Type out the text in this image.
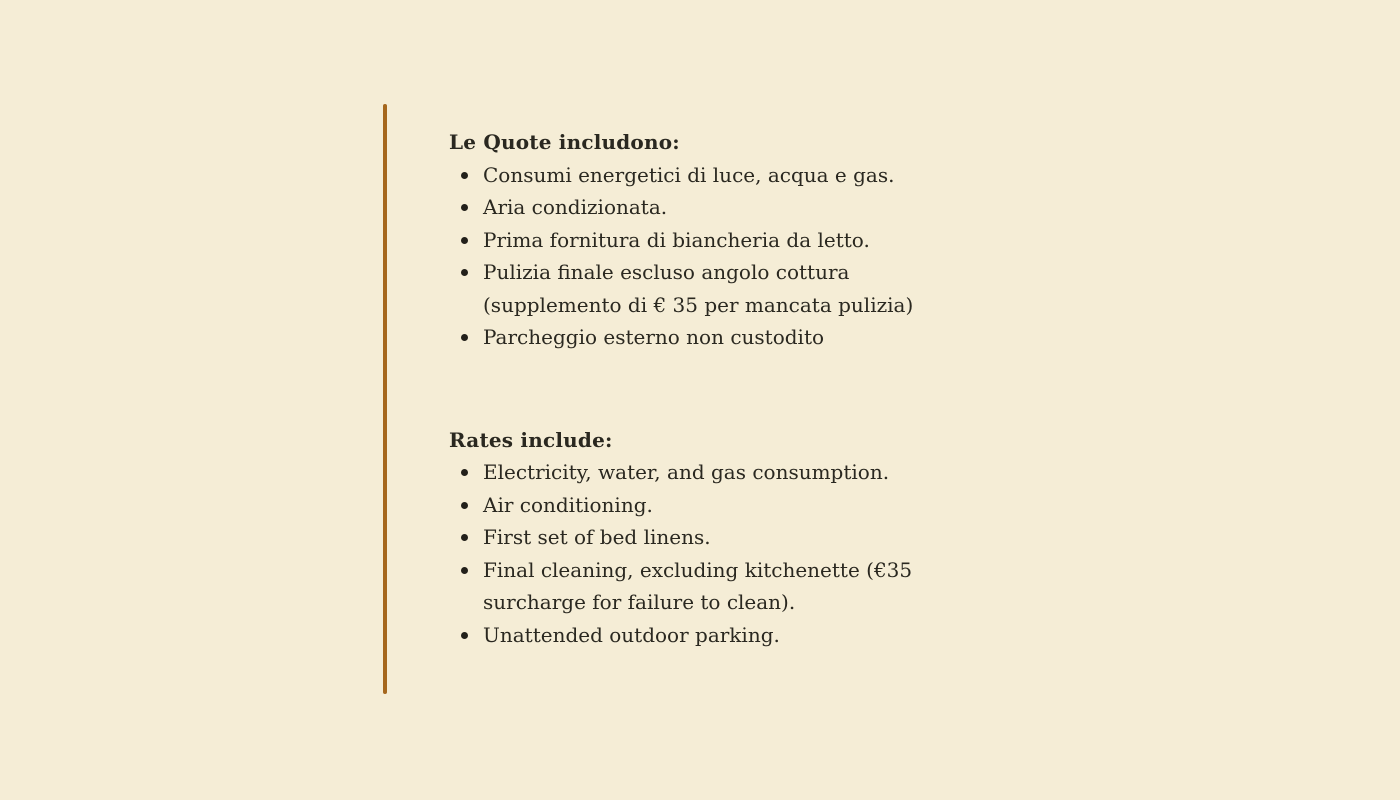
Le Quote includono:

Consumi energetici di luce, acqua e gas.
Aria condizionata.
Prima fornitura di biancheria da letto.
Pulizia finale escluso angolo cottura
(supplemento di € 35 per mancata pulizia)
Parcheggio esterno non custodito

Rates include:

Electricity, water, and gas consumption.
Air conditioning.
First set of bed linens.
Final cleaning, excluding kitchenette (€35
surcharge for failure to clean).
Unattended outdoor parking.
